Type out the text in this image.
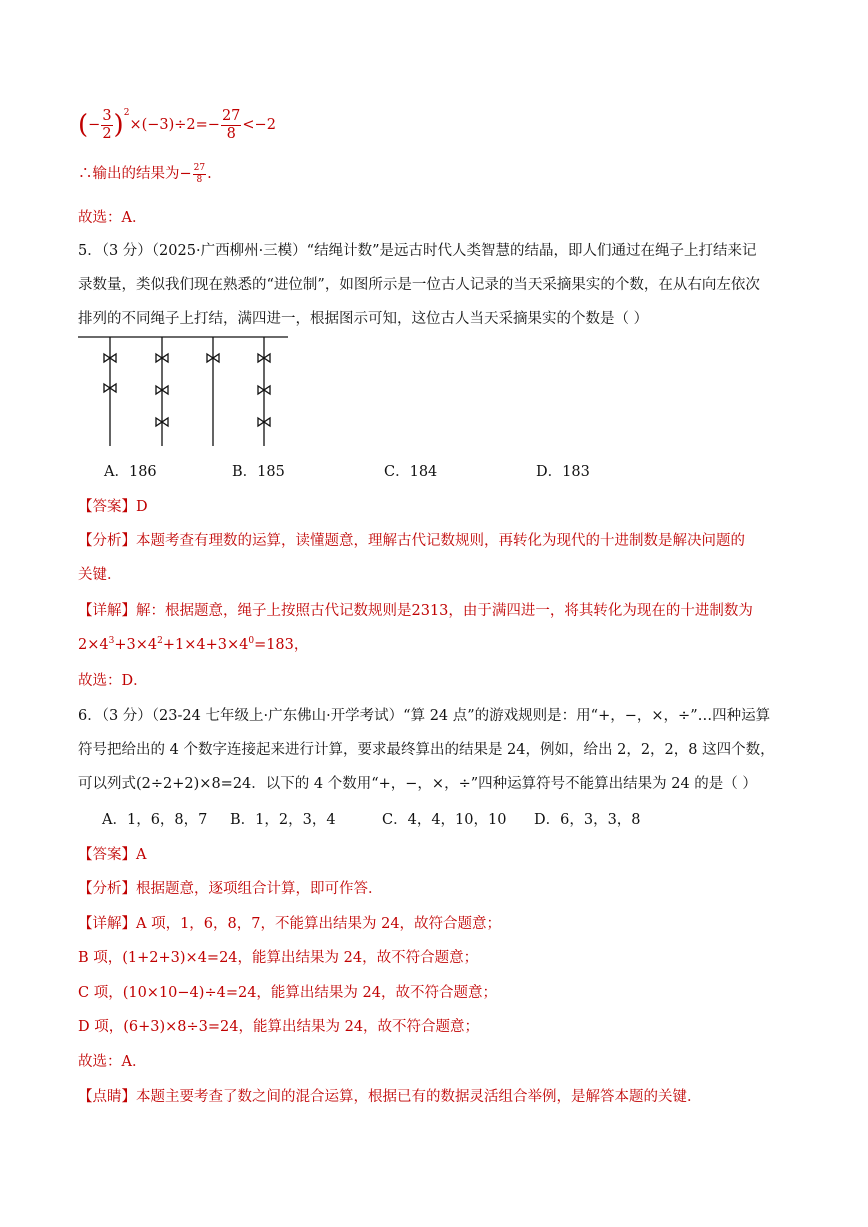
(− $\frac{3}{2} )^2\times(-3)\div 2=- \frac{27}{8} <-2$
∴输出的结果为− $\frac{27}{8}$ .
故选：A．
5．（3 分）（2025·广西柳州·三模）“结绳计数”是远古时代人类智慧的结晶，即人们通过在绳子上打结来记
录数量，类似我们现在熟悉的“进位制”，如图所示是一位古人记录的当天采摘果实的个数，在从右向左依次
排列的不同绳子上打结，满四进一，根据图示可知，这位古人当天采摘果实的个数是（ ）
A．186	B．185	C．184	D．183
【答案】D
【分析】本题考查有理数的运算，读懂题意，理解古代记数规则，再转化为现代的十进制数是解决问题的
关键．
【详解】解：根据题意，绳子上按照古代记数规则是2313，由于满四进一，将其转化为现在的十进制数为
$2\times 4^3+3\times 4^2+1\times 4+3\times 4^0=183$，
故选：D．
6．（3 分）（23-24 七年级上·广东佛山·开学考试）“算 24 点”的游戏规则是：用“+，−，×，÷”…四种运算
符号把给出的 4 个数字连接起来进行计算，要求最终算出的结果是 24，例如，给出 2，2，2，8 这四个数，
可以列式(2÷2+2)×8=24．以下的 4 个数用“+，−，×，÷”四种运算符号不能算出结果为 24 的是（ ）
A．1，6，8，7 B．1，2，3，4	C．4，4，10，10 D．6，3，3，8
【答案】A
【分析】根据题意，逐项组合计算，即可作答．
【详解】A 项，1，6，8，7，不能算出结果为 24，故符合题意；
B 项，(1+2+3)×4=24，能算出结果为 24，故不符合题意；
C 项，(10×10−4)÷4=24，能算出结果为 24，故不符合题意；
D 项，(6+3)×8÷3=24，能算出结果为 24，故不符合题意；
故选：A．
【点睛】本题主要考查了数之间的混合运算，根据已有的数据灵活组合举例，是解答本题的关键．
